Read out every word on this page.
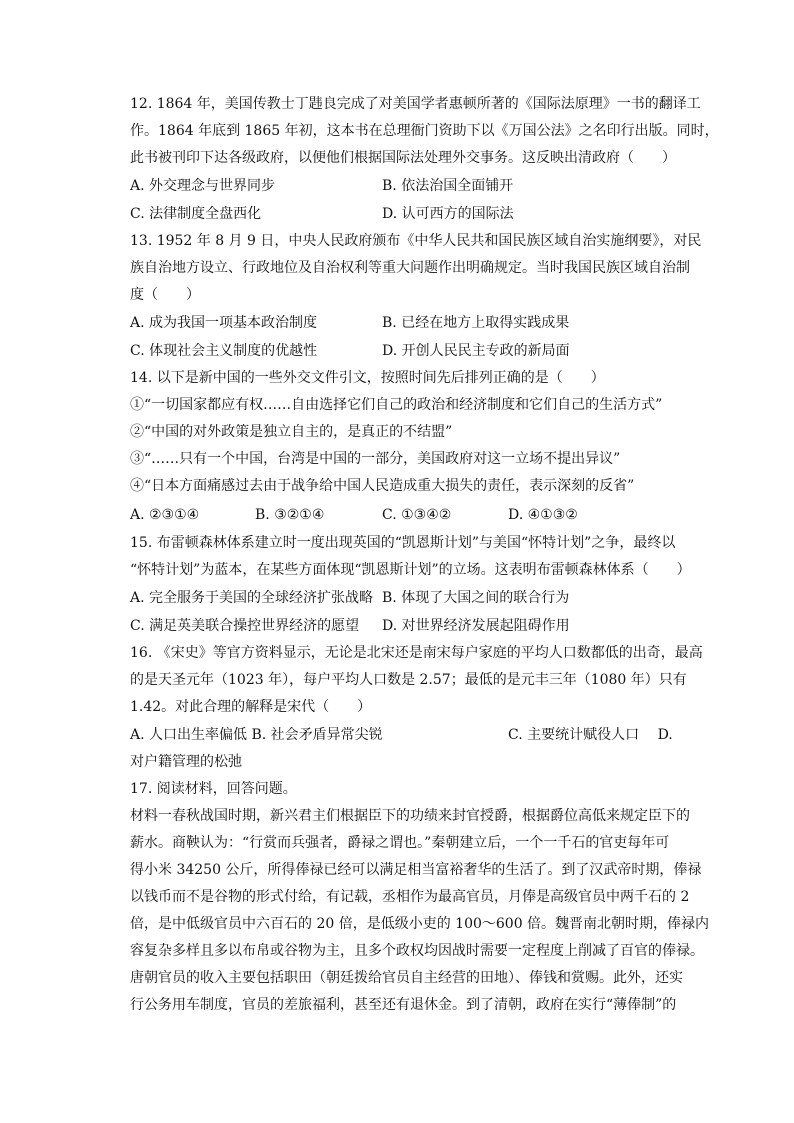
12. 1864 年，美国传教士丁韪良完成了对美国学者惠顿所著的《国际法原理》一书的翻译工
作。1864 年底到 1865 年初，这本书在总理衙门资助下以《万国公法》之名印行出版。同时，
此书被刊印下达各级政府，以便他们根据国际法处理外交事务。这反映出清政府（　　）
A. 外交理念与世界同步	B. 依法治国全面铺开
C. 法律制度全盘西化	D. 认可西方的国际法
13. 1952 年 8 月 9 日，中央人民政府颁布《中华人民共和国民族区域自治实施纲要》，对民
族自治地方设立、行政地位及自治权利等重大问题作出明确规定。当时我国民族区域自治制
度（　　）
A. 成为我国一项基本政治制度	B. 已经在地方上取得实践成果
C. 体现社会主义制度的优越性	D. 开创人民民主专政的新局面
14. 以下是新中国的一些外交文件引文，按照时间先后排列正确的是（　　）
①“一切国家都应有权……自由选择它们自己的政治和经济制度和它们自己的生活方式”
②“中国的对外政策是独立自主的，是真正的不结盟”
③“……只有一个中国，台湾是中国的一部分，美国政府对这一立场不提出异议”
④“日本方面痛感过去由于战争给中国人民造成重大损失的责任，表示深刻的反省”
A. ②③①④	B. ③②①④	C. ①③④②	D. ④①③②
15. 布雷顿森林体系建立时一度出现英国的“凯恩斯计划”与美国“怀特计划”之争，最终以
“怀特计划”为蓝本，在某些方面体现“凯恩斯计划”的立场。这表明布雷顿森林体系（　　）
A. 完全服务于美国的全球经济扩张战略 B. 体现了大国之间的联合行为
C. 满足英美联合操控世界经济的愿望 D. 对世界经济发展起阻碍作用
16. 《宋史》等官方资料显示，无论是北宋还是南宋每户家庭的平均人口数都低的出奇，最高
的是天圣元年（1023 年），每户平均人口数是 2.57；最低的是元丰三年（1080 年）只有
1.42。对此合理的解释是宋代（　　）
A. 人口出生率偏低 B. 社会矛盾异常尖锐	C. 主要统计赋役人口　 D.
对户籍管理的松弛
17. 阅读材料，回答问题。
材料一春秋战国时期，新兴君主们根据臣下的功绩来封官授爵，根据爵位高低来规定臣下的
薪水。商鞅认为：“行赏而兵强者，爵禄之谓也。”秦朝建立后，一个一千石的官吏每年可
得小米 34250 公斤，所得俸禄已经可以满足相当富裕奢华的生活了。到了汉武帝时期，俸禄
以钱币而不是谷物的形式付给，有记载，丞相作为最高官员，月俸是高级官员中两千石的 2
倍，是中低级官员中六百石的 20 倍，是低级小吏的 100～600 倍。魏晋南北朝时期，俸禄内
容复杂多样且多以布帛或谷物为主，且多个政权均因战时需要一定程度上削减了百官的俸禄。
唐朝官员的收入主要包括职田（朝廷拨给官员自主经营的田地）、俸钱和赏赐。此外，还实
行公务用车制度，官员的差旅福利，甚至还有退休金。到了清朝，政府在实行“薄俸制”的
